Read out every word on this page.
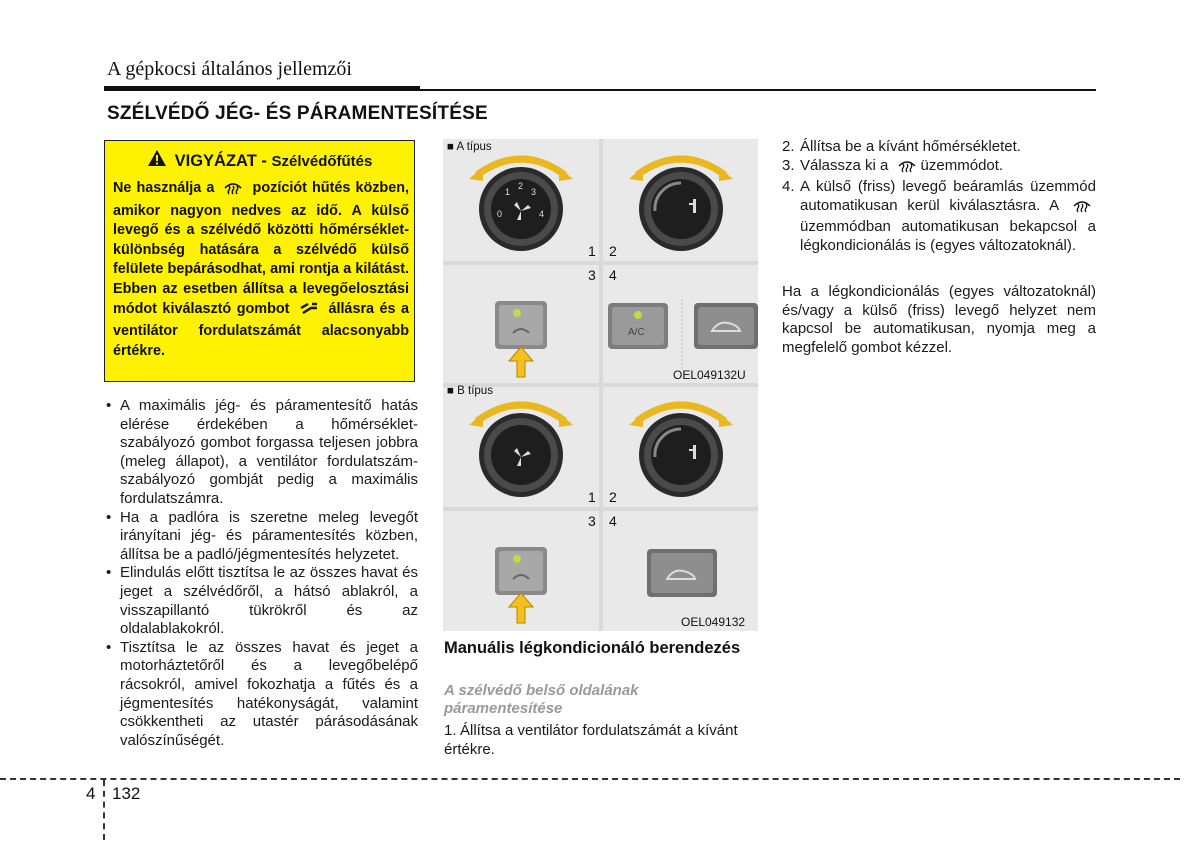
A gépkocsi általános jellemzői
SZÉLVÉDŐ JÉG- ÉS PÁRAMENTESÍTÉSE
VIGYÁZAT - Szélvédőfűtés
Ne használja a	pozíciót hűtés közben, amikor nagyon nedves az idő. A külső levegő és a szélvédő közötti hőmérséklet-különbség hatására a szélvédő külső felülete bepárásodhat, ami rontja a kilátást. Ebben az esetben állítsa a levegőelosztási módot kiválasztó gombot	állásra és a ventilátor fordulatszámát alacsonyabb értékre.
• A maximális jég- és páramentesítő hatás elérése érdekében a hőmérséklet-szabályozó gombot forgassa teljesen jobbra (meleg állapot), a ventilátor fordulatszám-szabályozó gombját pedig a maximális fordulatszámra.
• Ha a padlóra is szeretne meleg levegőt irányítani jég- és páramentesítés közben, állítsa be a padló/jégmentesítés helyzetet.
• Elindulás előtt tisztítsa le az összes havat és jeget a szélvédőről, a hátsó ablakról, a visszapillantó tükrökről és az oldalablakokról.
• Tisztítsa le az összes havat és jeget a motorháztetőről és a levegőbelépő rácsokról, amivel fokozhatja a fűtés és a jégmentesítés hatékonyságát, valamint csökkentheti az utastér párásodásának valószínűségét.
■ A típus
■ B típus
0
1
2
3
4
A/C
1 2
3 4
1 2
3 4
OEL049132U
OEL049132
Manuális légkondicionáló berendezés
A szélvédő belső oldalának páramentesítése
1. Állítsa a ventilátor fordulatszámát a kívánt értékre.
2. Állítsa be a kívánt hőmérsékletet.
3. Válassza ki a üzemmódot.
4. A külső (friss) levegő beáramlás üzemmód automatikusan kerül kiválasztásra. A üzemmódban automatikusan bekapcsol a légkondicionálás is (egyes változatoknál).
Ha a légkondicionálás (egyes változatoknál) és/vagy a külső (friss) levegő helyzet nem kapcsol be automatikusan, nyomja meg a megfelelő gombot kézzel.
4 132
